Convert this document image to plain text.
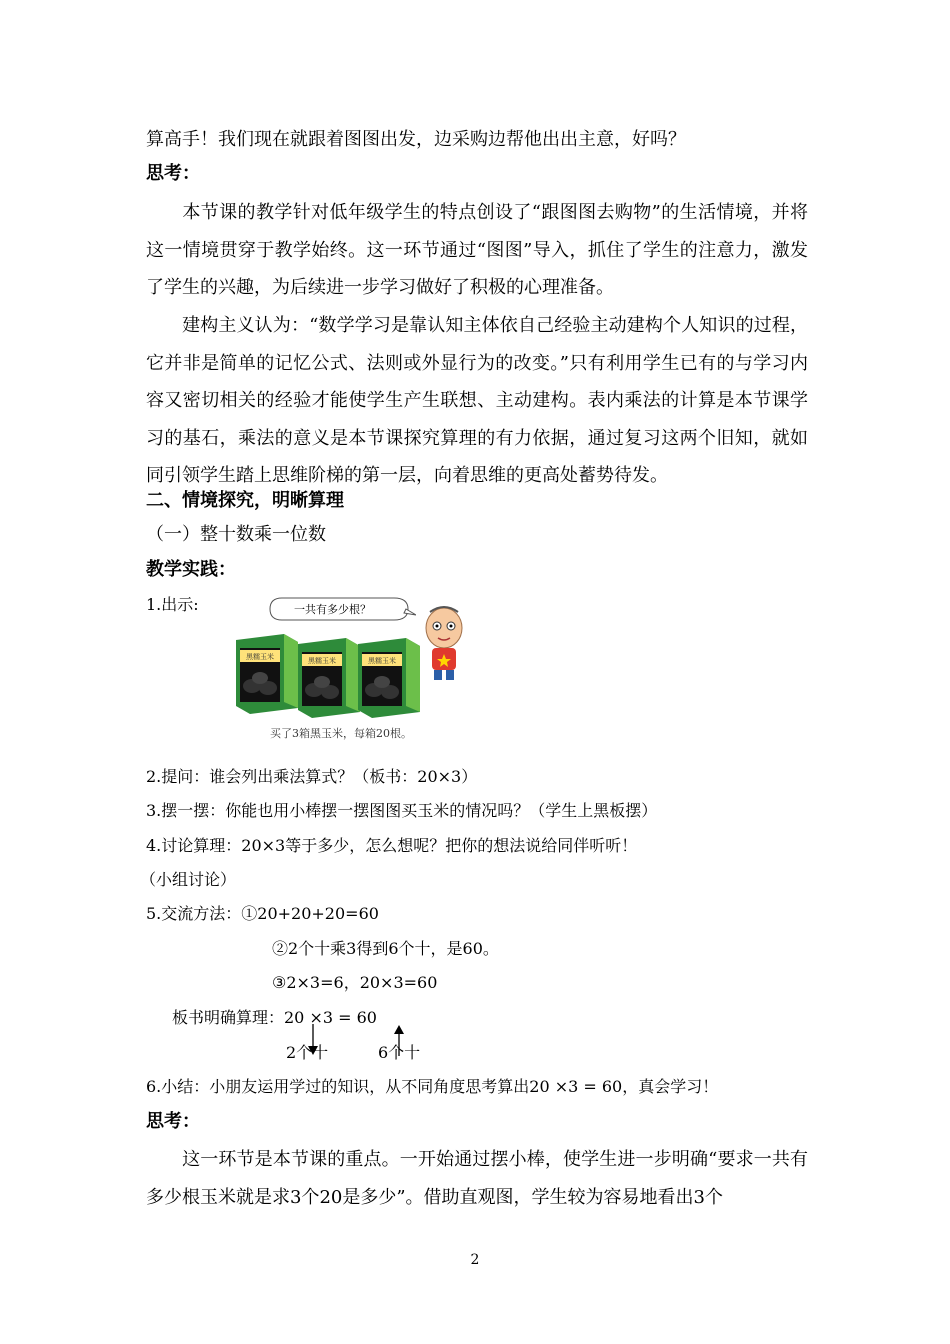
算高手！我们现在就跟着图图出发，边采购边帮他出出主意，好吗？
思考：
本节课的教学针对低年级学生的特点创设了“跟图图去购物”的生活情境，并将这一情境贯穿于教学始终。这一环节通过“图图”导入，抓住了学生的注意力，激发了学生的兴趣，为后续进一步学习做好了积极的心理准备。
建构主义认为：“数学学习是靠认知主体依自己经验主动建构个人知识的过程，它并非是简单的记忆公式、法则或外显行为的改变。”只有利用学生已有的与学习内容又密切相关的经验才能使学生产生联想、主动建构。表内乘法的计算是本节课学习的基石，乘法的意义是本节课探究算理的有力依据，通过复习这两个旧知，就如同引领学生踏上思维阶梯的第一层，向着思维的更高处蓄势待发。
二、情境探究，明晰算理
（一）整十数乘一位数
教学实践：
1.出示:	一共有多少根？
黑糯玉米	黑糯玉米	黑糯玉米
买了3箱黑玉米，每箱20根。
2.提问：谁会列出乘法算式？（板书：20×3）
3.摆一摆：你能也用小棒摆一摆图图买玉米的情况吗？（学生上黑板摆）
4.讨论算理：20×3等于多少，怎么想呢？把你的想法说给同伴听听！
（小组讨论）
5.交流方法：①20+20+20=60
②2个十乘3得到6个十，是60。
③2×3=6，20×3=60
板书明确算理：20 ×3 = 60
2个十	6个十
6.小结：小朋友运用学过的知识，从不同角度思考算出20 ×3 = 60，真会学习！
思考：
这一环节是本节课的重点。一开始通过摆小棒，使学生进一步明确“要求一共有多少根玉米就是求3个20是多少”。借助直观图，学生较为容易地看出3个
2
